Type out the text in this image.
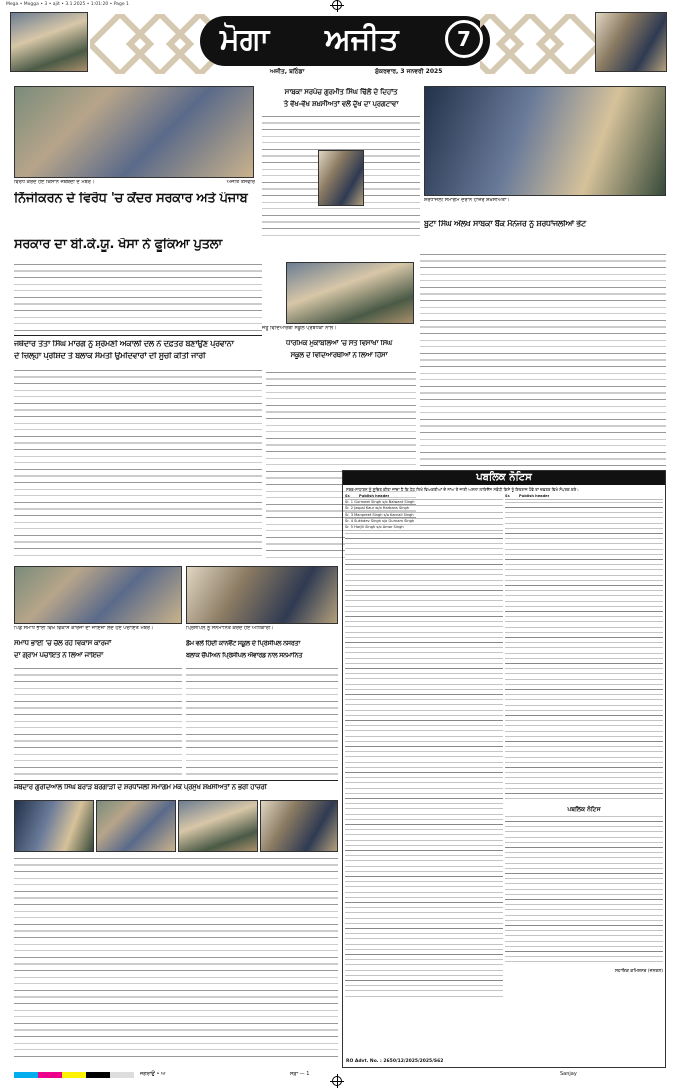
Mega • Mogga • 3 • ajit • 3.1.2025 • 1:01:20 • Page 1
ਮੋਗਾ ਅਜੀਤ	7
ਅਜੀਤ, ਬਠਿੰਡਾ	ਸ਼ੁੱਕਰਵਾਰ, 3 ਜਨਵਰੀ 2025
ਵਿਰੋਧ ਕਰਦੇ ਹੋਏ ਕਿਸਾਨ ਜਥੇਬੰਦੀ ਦੇ ਮੈਂਬਰ।	ਅਜੀਤ ਤਸਵੀਰ
ਨਿੱਜੀਕਰਨ ਦੇ ਵਿਰੋਧ 'ਚ ਕੇਂਦਰ ਸਰਕਾਰ ਅਤੇ ਪੰਜਾਬ
ਸਰਕਾਰ ਦਾ ਬੀ.ਕੇ.ਯੂ. ਖੋਸਾ ਨੇ ਫੂਕਿਆ ਪੁਤਲਾ
ਸਾਬਕਾ ਸਰਪੰਚ ਗੁਰਮੀਤ ਸਿੰਘ ਢਿੱਲੋਂ ਦੇ ਦਿਹਾਂਤ
ਤੇ ਵੱਖ-ਵੱਖ ਸ਼ਖ਼ਸੀਅਤਾਂ ਵਲੋਂ ਦੁੱਖ ਦਾ ਪ੍ਰਗਟਾਵਾ
ਸ਼ਰਧਾਂਜਲੀ ਸਮਾਗਮ ਦੌਰਾਨ ਹਾਜ਼ਰ ਸ਼ਖ਼ਸੀਅਤਾਂ।
ਬੂਟਾ ਸਿੰਘ ਔਲਖ ਸਾਬਕਾ ਬੈਂਕ ਮੈਨੇਜਰ ਨੂੰ ਸ਼ਰਧਾਂਜਲੀਆਂ ਭੇਟ
ਜਥੇਦਾਰ ਤੋਤਾ ਸਿੰਘ ਮਾਰਗ ਨੂੰ ਸ਼੍ਰੋਮਣੀ ਅਕਾਲੀ ਦਲ ਨੇ ਦਫ਼ਤਰ ਬਣਾਉਣ ਪ੍ਰਵਾਨਾ
ਦੇ ਜ਼ਿਲ੍ਹਾ ਪ੍ਰੀਸ਼ਦ ਤੇ ਬਲਾਕ ਸੰਮਤੀ ਉਮੀਦਵਾਰਾਂ ਦੀ ਸੂਚੀ ਕੀਤੀ ਜਾਰੀ
ਜੇਤੂ ਵਿਦਿਆਰਥੀ ਸਕੂਲ ਪ੍ਰਬੰਧਕਾਂ ਨਾਲ।
ਧਾਰਮਿਕ ਮੁਕਾਬਲਿਆਂ 'ਚ ਸੰਤ ਵਿਸਾਖਾ ਸਿੰਘ
ਸਕੂਲ ਦੇ ਵਿਦਿਆਰਥੀਆਂ ਨੇ ਲਿਆ ਹਿੱਸਾ
ਪਿੰਡ ਸਮਾਧ ਭਾਈ ਵਿਖੇ ਵਿਕਾਸ ਕਾਰਜਾਂ ਦਾ ਜਾਇਜ਼ਾ ਲੈਂਦੇ ਹੋਏ ਪੰਚਾਇਤ ਮੈਂਬਰ।
ਸਮਾਧ ਭਾਈ 'ਚ ਚੱਲ ਰਹੇ ਵਿਕਾਸ ਕਾਰਜਾਂ
ਦਾ ਗ੍ਰਾਮ ਪੰਚਾਇਤ ਨੇ ਲਿਆ ਜਾਇਜ਼ਾ
ਪ੍ਰਿੰਸੀਪਲ ਨੂੰ ਸਨਮਾਨਿਤ ਕਰਦੇ ਹੋਏ ਅਧਿਕਾਰੀ।
ਡੈਮ ਵਲੋਂ ਹਿੰਦੀ ਕਾਨਵੈਂਟ ਸਕੂਲ ਦੇ ਪ੍ਰਿੰਸੀਪਲ ਨਸਰਤਾ
ਬਲਾਕ ਚੈਂਪੀਅਨ ਪ੍ਰਿੰਸੀਪਲ ਐਵਾਰਡ ਨਾਲ ਸਨਮਾਨਿਤ
ਜਥੇਦਾਰ ਗੁਰਦਿਆਲ ਸਿੰਘ ਬਰਾੜ ਬਰਗਾੜੀ ਦੇ ਸ਼ਰਧਾਂਜਲੀ ਸਮਾਗਮ ਮੌਕੇ ਪ੍ਰਮੁੱਖ ਸ਼ਖ਼ਸੀਅਤਾਂ ਨੇ ਭਰੀ ਹਾਜ਼ਰੀ
ਪਬਲਿਕ ਨੋਟਿਸ
ਸਰਬ-ਸਾਧਾਰਨ ਨੂੰ ਸੂਚਿਤ ਕੀਤਾ ਜਾਂਦਾ ਹੈ ਕਿ ਹੇਠ ਲਿਖੇ ਵਿਅਕਤੀਆਂ ਦੇ ਨਾਂਅ ਤੇ ਜਾਰੀ ਅਸਲਾ ਲਾਇਸੈਂਸ ਸਬੰਧੀ ਕਿਸੇ ਨੂੰ ਇਤਰਾਜ਼ ਹੋਵੇ ਤਾਂ ਦਫ਼ਤਰ ਵਿਖੇ ਸੰਪਰਕ ਕਰੇ।
Sr.	Publish header
Sr. 1 Gurmeet Singh s/o Balwant Singh
Sr. 2 Jaspal Kaur w/o Harbans Singh
Sr. 3 Manpreet Singh s/o Karnail Singh
Sr. 4 Sukhdev Singh s/o Gurnam Singh
Sr. 5 Harjit Singh s/o Amar Singh
Sr.	Publish header
ਪਬਲਿਕ ਨੋਟਿਸ
ਸਹਾਇਕ ਕਮਿਸ਼ਨਰ (ਜਨਰਲ)
RO Advt. No. : 2650/12/2025/2025/S62
ਜਗਰਾਉਂ • ਅ	ਸਫ਼ਾ — 1	Sanjay
